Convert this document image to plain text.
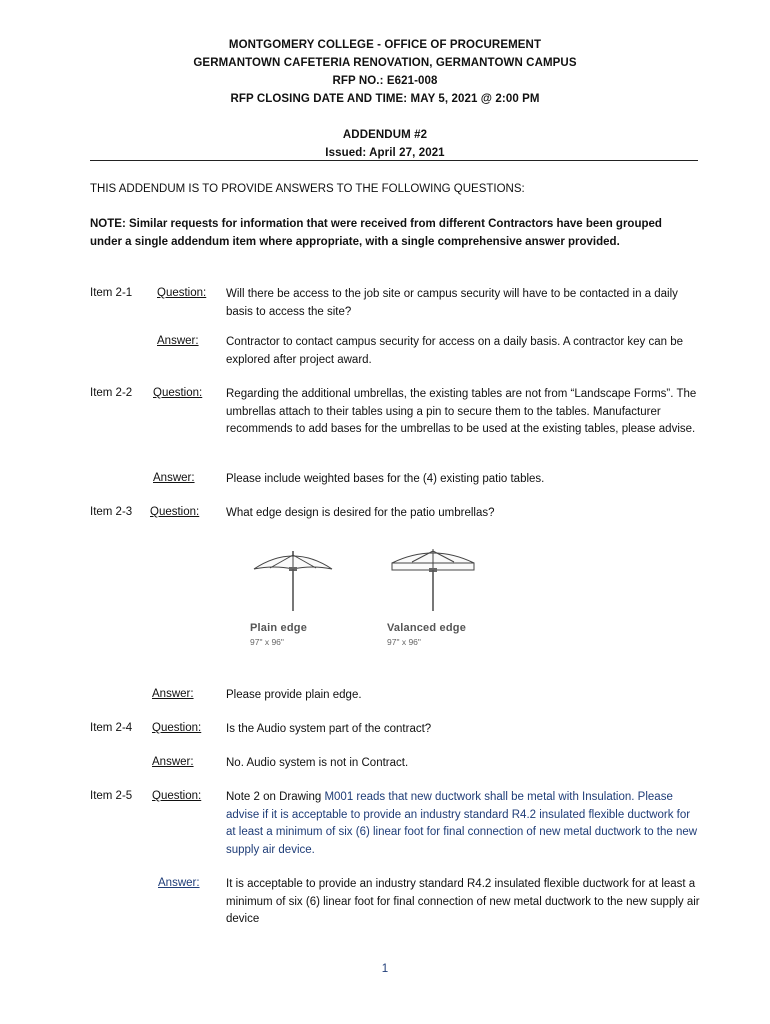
MONTGOMERY COLLEGE - OFFICE OF PROCUREMENT
GERMANTOWN CAFETERIA RENOVATION, GERMANTOWN CAMPUS
RFP NO.: E621-008
RFP CLOSING DATE AND TIME: MAY 5, 2021 @ 2:00 PM
ADDENDUM #2
Issued: April 27, 2021
THIS ADDENDUM IS TO PROVIDE ANSWERS TO THE FOLLOWING QUESTIONS:
NOTE: Similar requests for information that were received from different Contractors have been grouped under a single addendum item where appropriate, with a single comprehensive answer provided.
Item 2-1 Question: Will there be access to the job site or campus security will have to be contacted in a daily basis to access the site?
Answer: Contractor to contact campus security for access on a daily basis. A contractor key can be explored after project award.
Item 2-2 Question: Regarding the additional umbrellas, the existing tables are not from “Landscape Forms”. The umbrellas attach to their tables using a pin to secure them to the tables. Manufacturer recommends to add bases for the umbrellas to be used at the existing tables, please advise.
Answer:	Please include weighted bases for the (4) existing patio tables.
Item 2-3 Question: What edge design is desired for the patio umbrellas?
Plain edge
97" x 96"
Valanced edge
97" x 96"
Answer:	Please provide plain edge.
Item 2-4 Question: Is the Audio system part of the contract?
Answer:	No. Audio system is not in Contract.
Item 2-5 Question: Note 2 on Drawing M001 reads that new ductwork shall be metal with Insulation. Please advise if it is acceptable to provide an industry standard R4.2 insulated flexible ductwork for at least a minimum of six (6) linear foot for final connection of new metal ductwork to the new supply air device.
Answer: It is acceptable to provide an industry standard R4.2 insulated flexible ductwork for at least a minimum of six (6) linear foot for final connection of new metal ductwork to the new supply air device
1
